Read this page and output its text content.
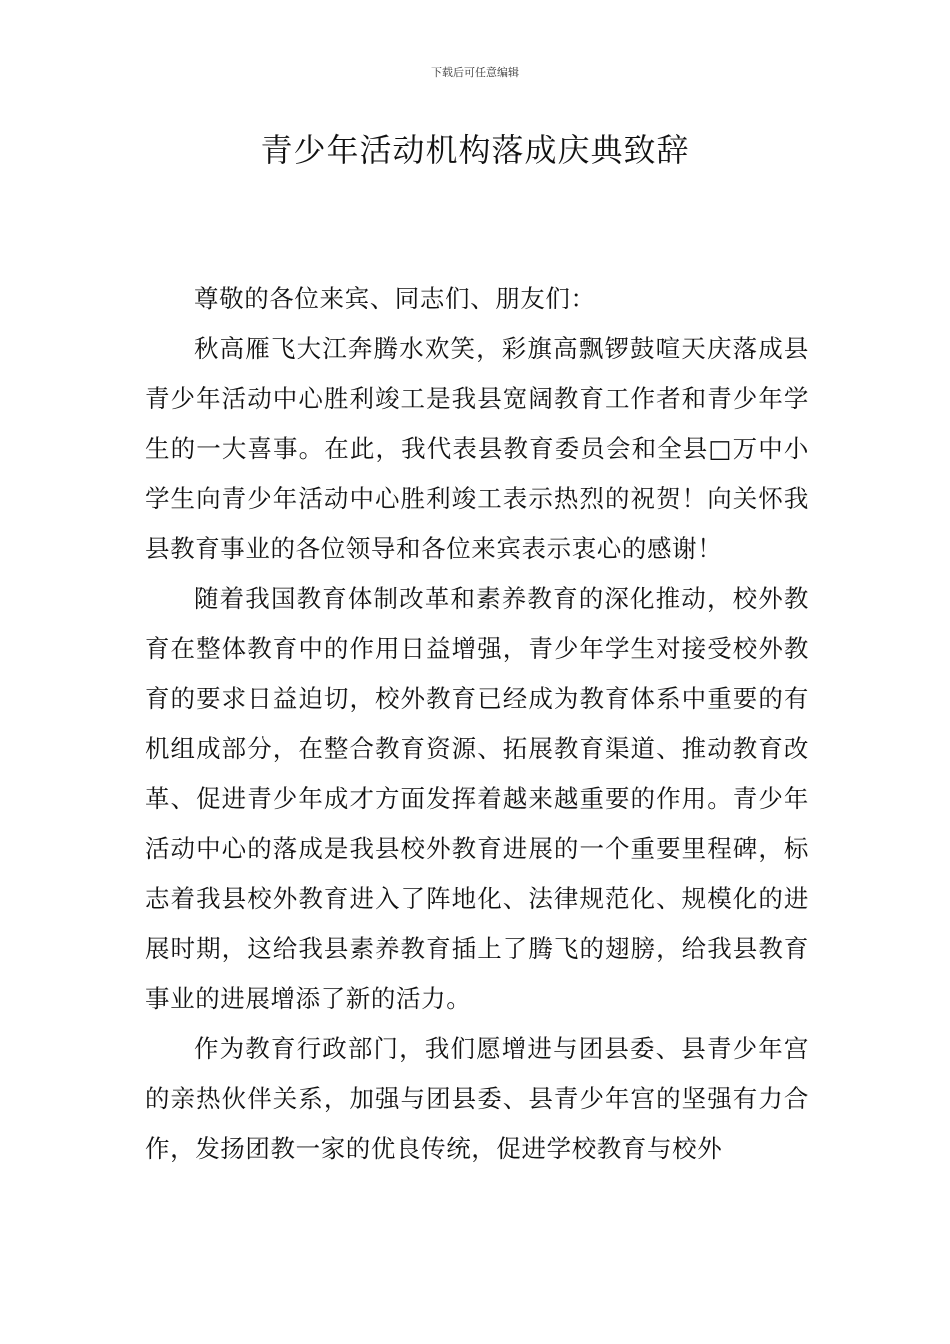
下载后可任意编辑
青少年活动机构落成庆典致辞

尊敬的各位来宾、同志们、朋友们：

秋高雁飞大江奔腾水欢笑，彩旗高飘锣鼓喧天庆落成县青少年活动中心胜利竣工是我县宽阔教育工作者和青少年学生的一大喜事。在此，我代表县教育委员会和全县□万中小学生向青少年活动中心胜利竣工表示热烈的祝贺！向关怀我县教育事业的各位领导和各位来宾表示衷心的感谢！

随着我国教育体制改革和素养教育的深化推动，校外教育在整体教育中的作用日益增强，青少年学生对接受校外教育的要求日益迫切，校外教育已经成为教育体系中重要的有机组成部分，在整合教育资源、拓展教育渠道、推动教育改革、促进青少年成才方面发挥着越来越重要的作用。青少年活动中心的落成是我县校外教育进展的一个重要里程碑，标志着我县校外教育进入了阵地化、法律规范化、规模化的进展时期，这给我县素养教育插上了腾飞的翅膀，给我县教育事业的进展增添了新的活力。

作为教育行政部门，我们愿增进与团县委、县青少年宫的亲热伙伴关系，加强与团县委、县青少年宫的坚强有力合作，发扬团教一家的优良传统，促进学校教育与校外
